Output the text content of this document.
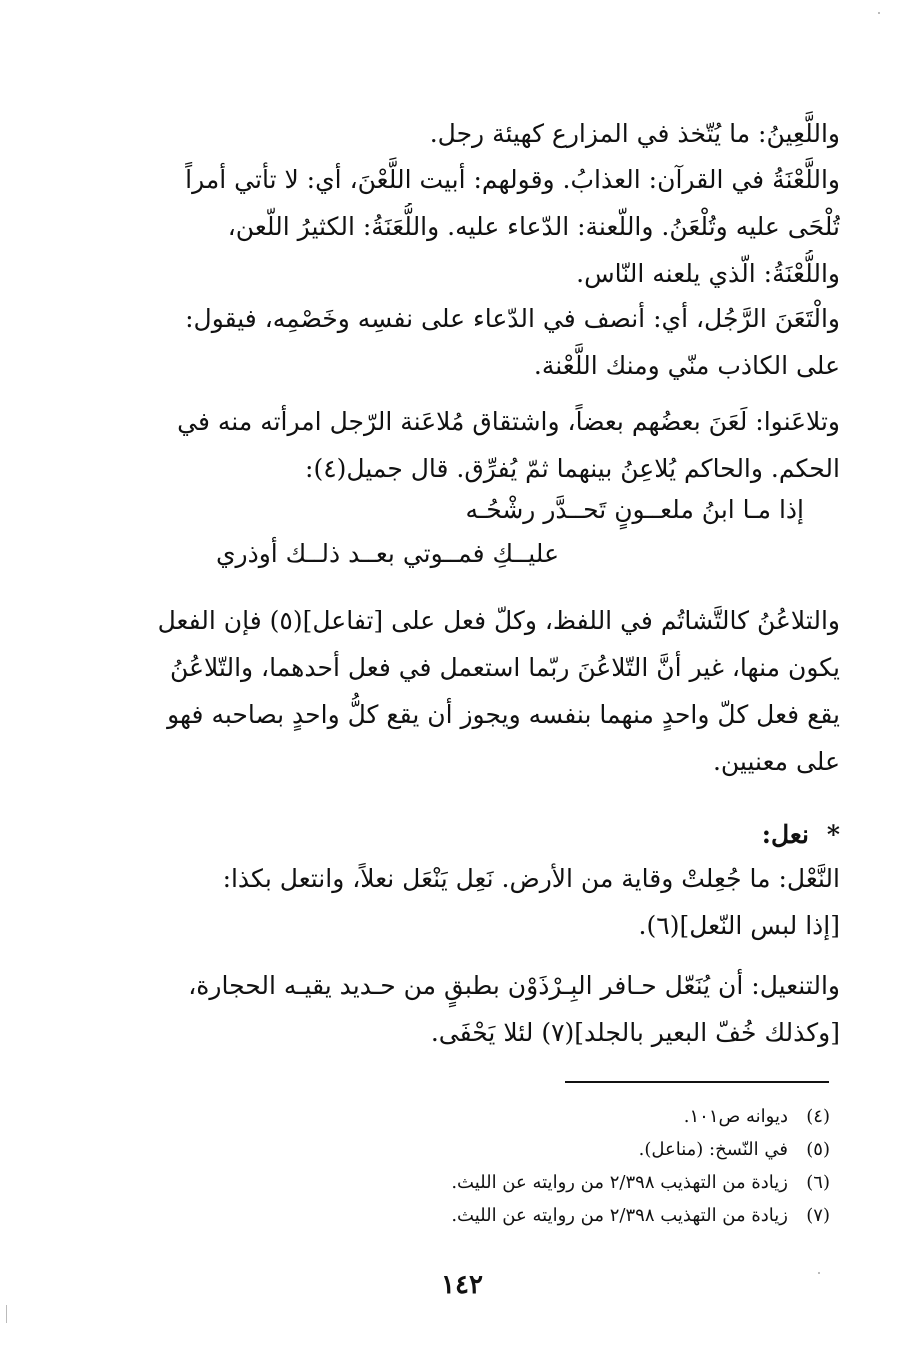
واللَّعِينُ: ما يُتّخذ في المزارع كهيئة رجل.
واللَّعْنَةُ في القرآن: العذابُ. وقولهم: أبيت اللَّعْنَ، أي: لا تأتي أمراً
تُلْحَى عليه وتُلْعَنُ. واللّعنة: الدّعاء عليه. واللُّعَنَةُ: الكثيرُ اللّعن،
واللُّعْنَةُ: الّذي يلعنه النّاس.
والْتَعَنَ الرَّجُل، أي: أنصف في الدّعاء على نفسِه وخَصْمِه، فيقول:
على الكاذب منّي ومنك اللَّعْنة.
وتلاعَنوا: لَعَنَ بعضُهم بعضاً، واشتقاق مُلاعَنة الرّجل امرأته منه في
الحكم. والحاكم يُلاعِنُ بينهما ثمّ يُفرِّق. قال جميل(٤):
إذا مـا ابنُ ملعــونٍ تَحــدَّر رشْحُـه
عليــكِ فمــوتي بعــد ذلــك أوذري
والتلاعُنُ كالتَّشاتُم في اللفظ، وكلّ فعل على [تفاعل](٥) فإن الفعل
يكون منها، غير أنَّ التّلاعُنَ ربّما استعمل في فعل أحدهما، والتّلاعُنُ
يقع فعل كلّ واحدٍ منهما بنفسه ويجوز أن يقع كلُّ واحدٍ بصاحبه فهو
على معنيين.
*نعل:
النَّعْل: ما جُعِلتْ وقاية من الأرض. نَعِل يَنْعَل نعلاً، وانتعل بكذا:
[إذا لبس النّعل](٦).
والتنعيل: أن يُنَعّل حـافر البِـرْذَوْن بطبقٍ من حـديد يقيـه الحجارة،
[وكذلك خُفّ البعير بالجلد](٧) لئلا يَحْفَى.
(٤)ديوانه ص١٠١.
(٥)في النّسخ: (مناعل).
(٦)زيادة من التهذيب ٢/٣٩٨ من روايته عن الليث.
(٧)زيادة من التهذيب ٢/٣٩٨ من روايته عن الليث.
١٤٢
